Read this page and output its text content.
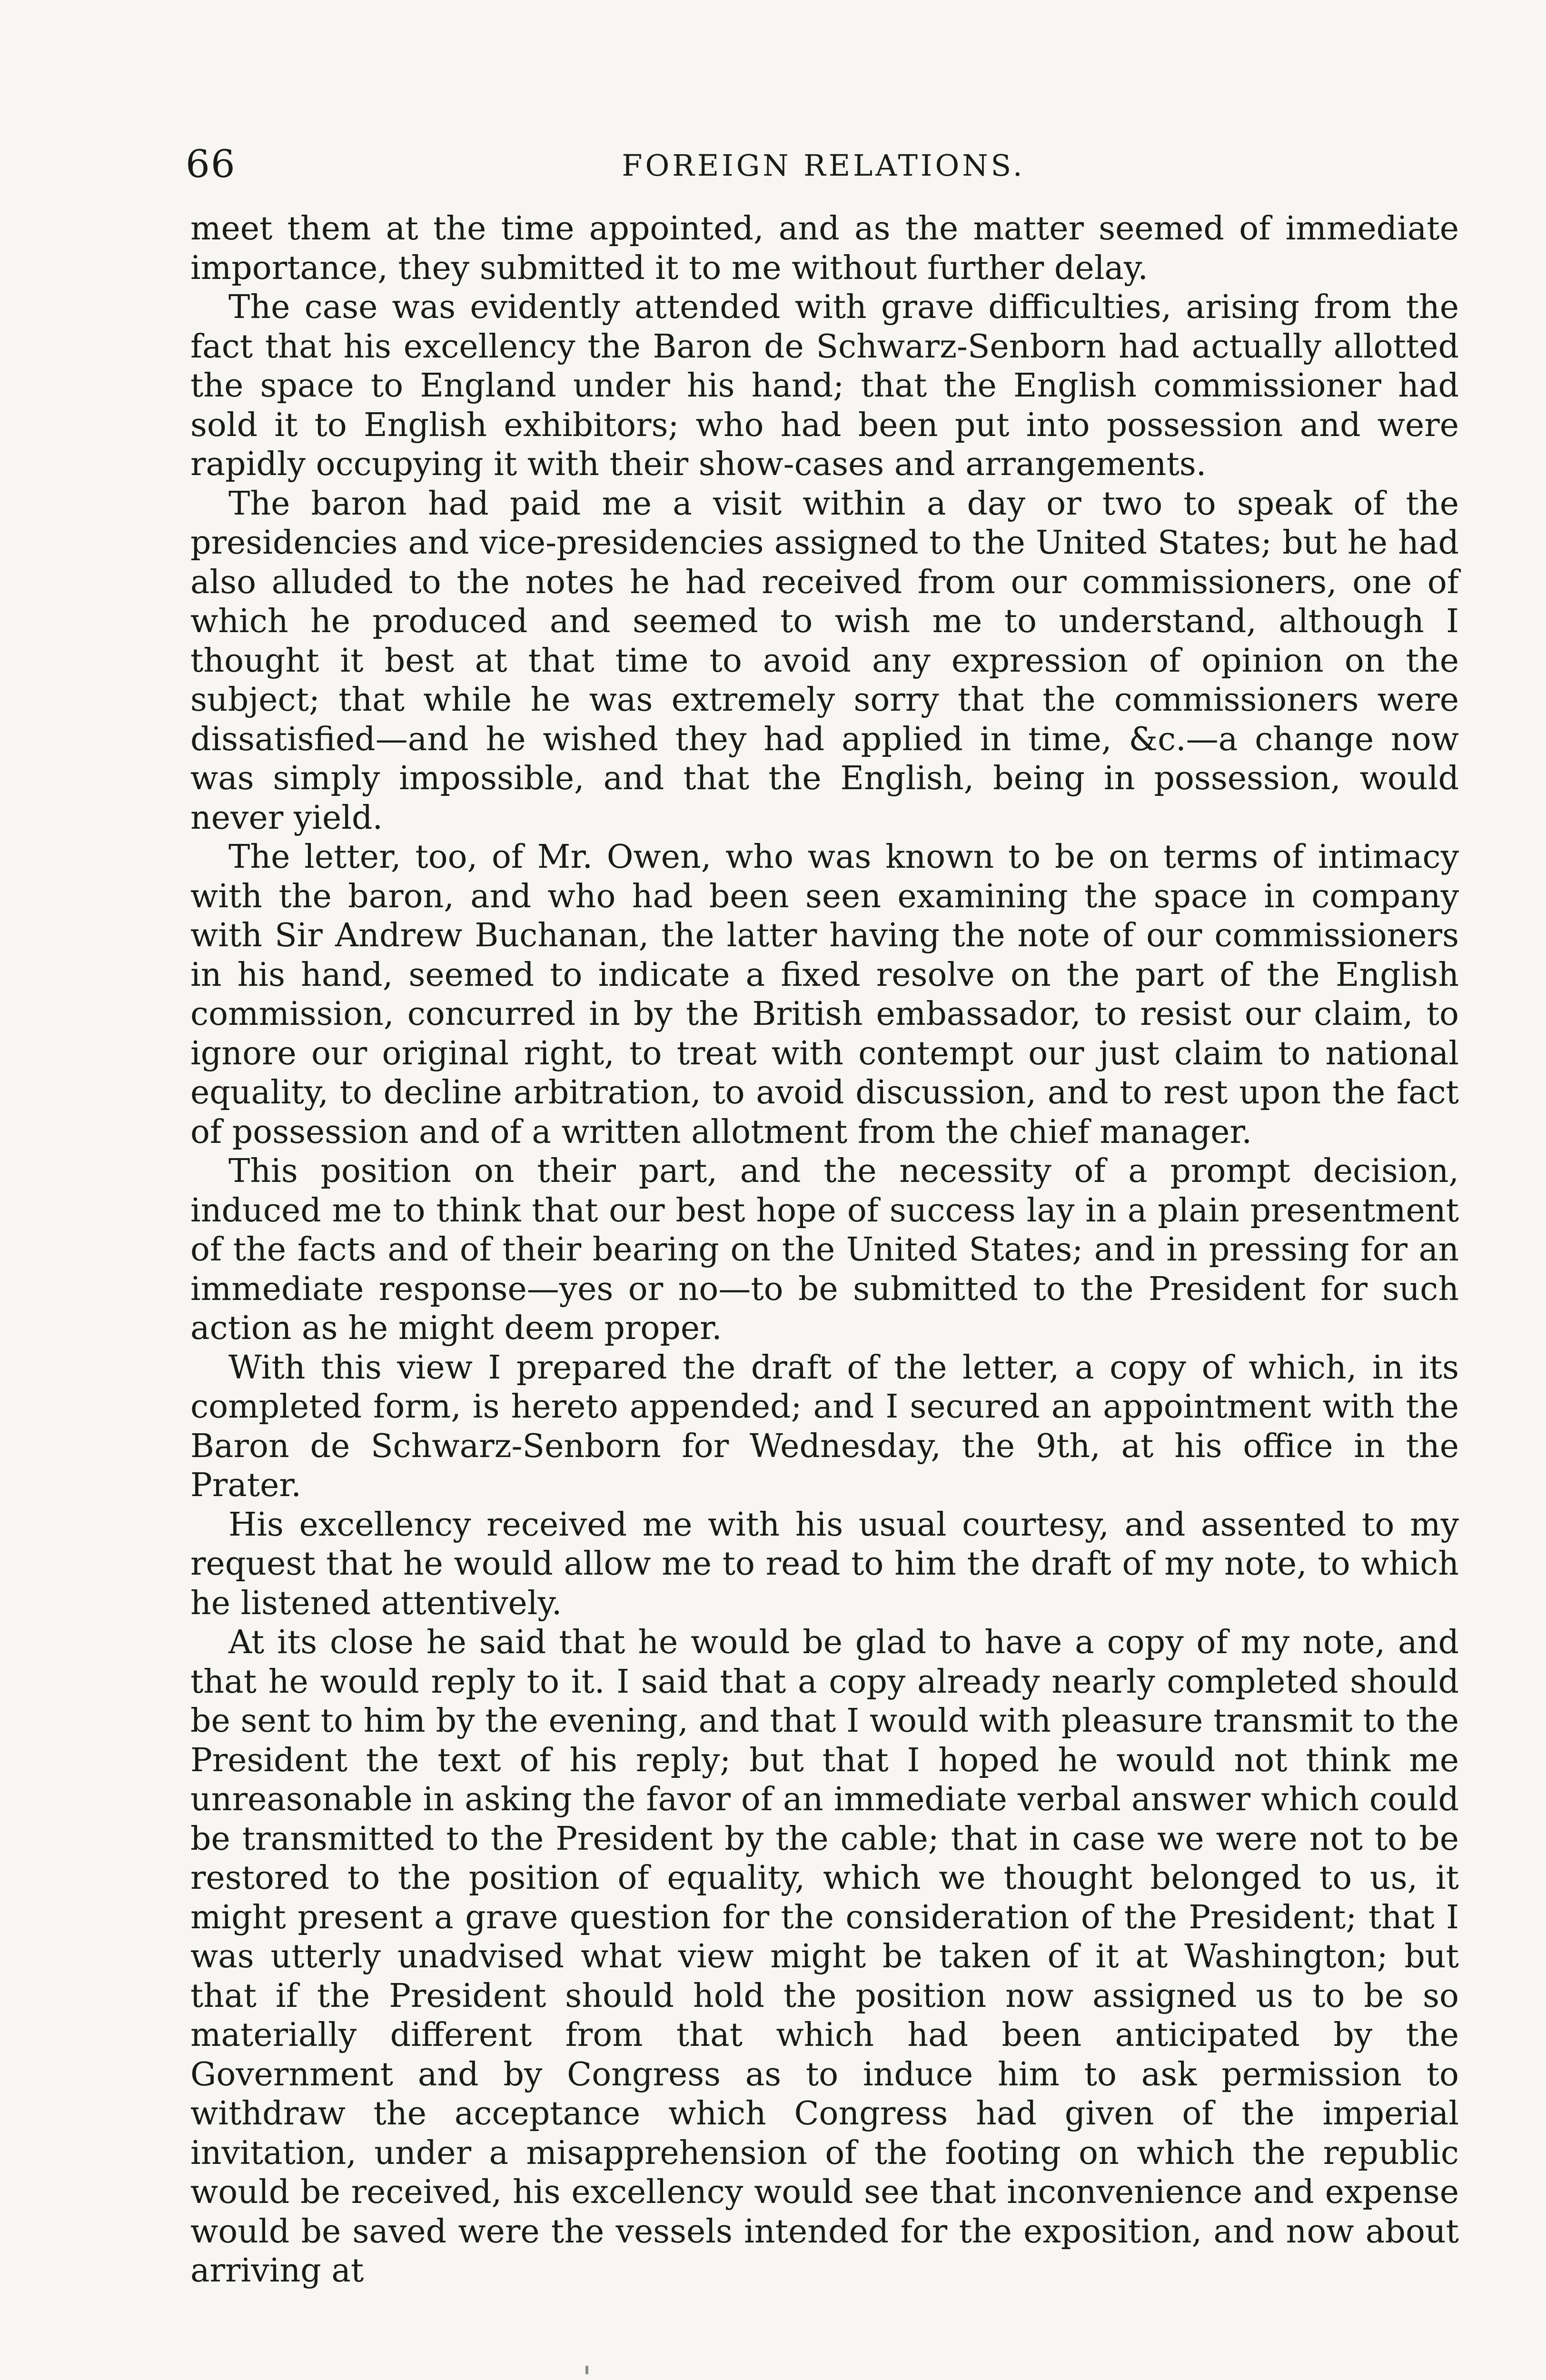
66	FOREIGN RELATIONS.

meet them at the time appointed, and as the matter seemed of immediate importance, they submitted it to me without further delay.

The case was evidently attended with grave difficulties, arising from the fact that his excellency the Baron de Schwarz-Senborn had actually allotted the space to England under his hand; that the English commissioner had sold it to English exhibitors; who had been put into possession and were rapidly occupying it with their show-cases and arrangements.

The baron had paid me a visit within a day or two to speak of the presidencies and vice-presidencies assigned to the United States; but he had also alluded to the notes he had received from our commissioners, one of which he produced and seemed to wish me to understand, although I thought it best at that time to avoid any expression of opinion on the subject; that while he was extremely sorry that the commissioners were dissatisfied—and he wished they had applied in time, &c.—a change now was simply impossible, and that the English, being in possession, would never yield.

The letter, too, of Mr. Owen, who was known to be on terms of intimacy with the baron, and who had been seen examining the space in company with Sir Andrew Buchanan, the latter having the note of our commissioners in his hand, seemed to indicate a fixed resolve on the part of the English commission, concurred in by the British embassador, to resist our claim, to ignore our original right, to treat with contempt our just claim to national equality, to decline arbitration, to avoid discussion, and to rest upon the fact of possession and of a written allotment from the chief manager.

This position on their part, and the necessity of a prompt decision, induced me to think that our best hope of success lay in a plain presentment of the facts and of their bearing on the United States; and in pressing for an immediate response—yes or no—to be submitted to the President for such action as he might deem proper.

With this view I prepared the draft of the letter, a copy of which, in its completed form, is hereto appended; and I secured an appointment with the Baron de Schwarz-Senborn for Wednesday, the 9th, at his office in the Prater.

His excellency received me with his usual courtesy, and assented to my request that he would allow me to read to him the draft of my note, to which he listened attentively.

At its close he said that he would be glad to have a copy of my note, and that he would reply to it. I said that a copy already nearly completed should be sent to him by the evening, and that I would with pleasure transmit to the President the text of his reply; but that I hoped he would not think me unreasonable in asking the favor of an immediate verbal answer which could be transmitted to the President by the cable; that in case we were not to be restored to the position of equality, which we thought belonged to us, it might present a grave question for the consideration of the President; that I was utterly unadvised what view might be taken of it at Washington; but that if the President should hold the position now assigned us to be so materially different from that which had been anticipated by the Government and by Congress as to induce him to ask permission to withdraw the acceptance which Congress had given of the imperial invitation, under a misapprehension of the footing on which the republic would be received, his excellency would see that inconvenience and expense would be saved were the vessels intended for the exposition, and now about arriving at
